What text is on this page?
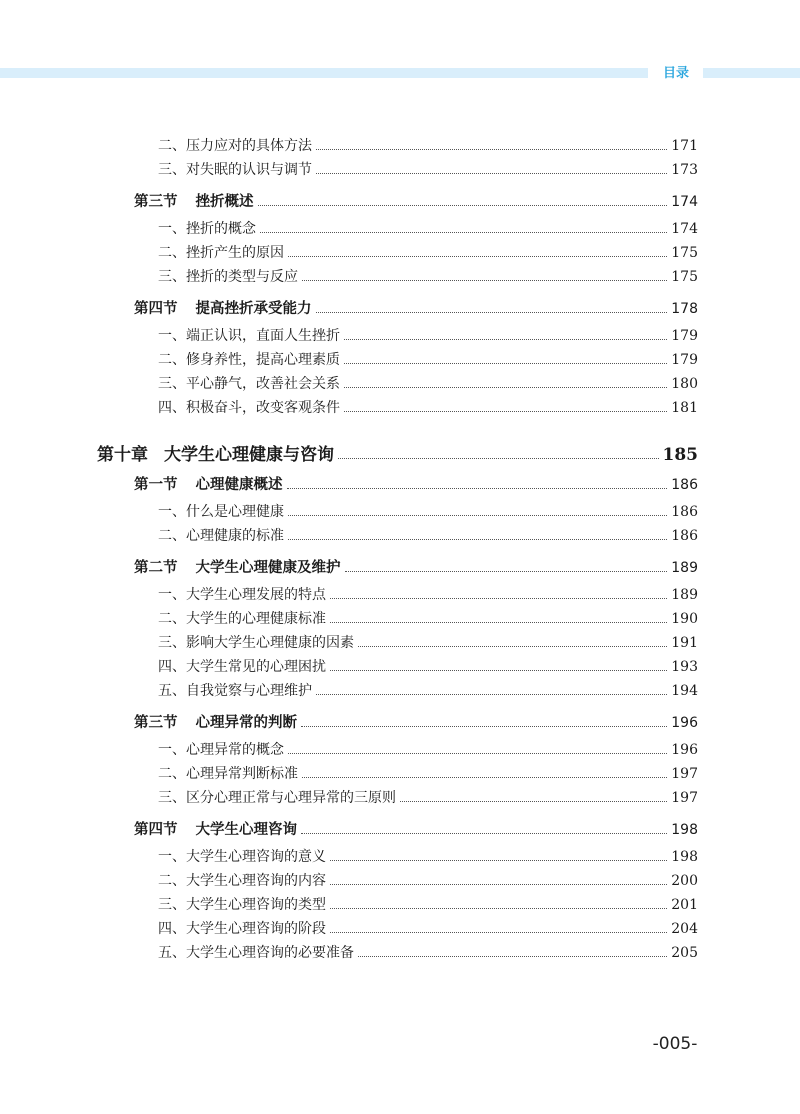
目录
二、压力应对的具体方法	171
三、对失眠的认识与调节	173
第三节 挫折概述	174
一、挫折的概念	174
二、挫折产生的原因	175
三、挫折的类型与反应	175
第四节 提高挫折承受能力	178
一、端正认识，直面人生挫折	179
二、修身养性，提高心理素质	179
三、平心静气，改善社会关系	180
四、积极奋斗，改变客观条件	181
第十章 大学生心理健康与咨询	185
第一节 心理健康概述	186
一、什么是心理健康	186
二、心理健康的标准	186
第二节 大学生心理健康及维护	189
一、大学生心理发展的特点	189
二、大学生的心理健康标准	190
三、影响大学生心理健康的因素	191
四、大学生常见的心理困扰	193
五、自我觉察与心理维护	194
第三节 心理异常的判断	196
一、心理异常的概念	196
二、心理异常判断标准	197
三、区分心理正常与心理异常的三原则	197
第四节 大学生心理咨询	198
一、大学生心理咨询的意义	198
二、大学生心理咨询的内容	200
三、大学生心理咨询的类型	201
四、大学生心理咨询的阶段	204
五、大学生心理咨询的必要准备	205
-005-
